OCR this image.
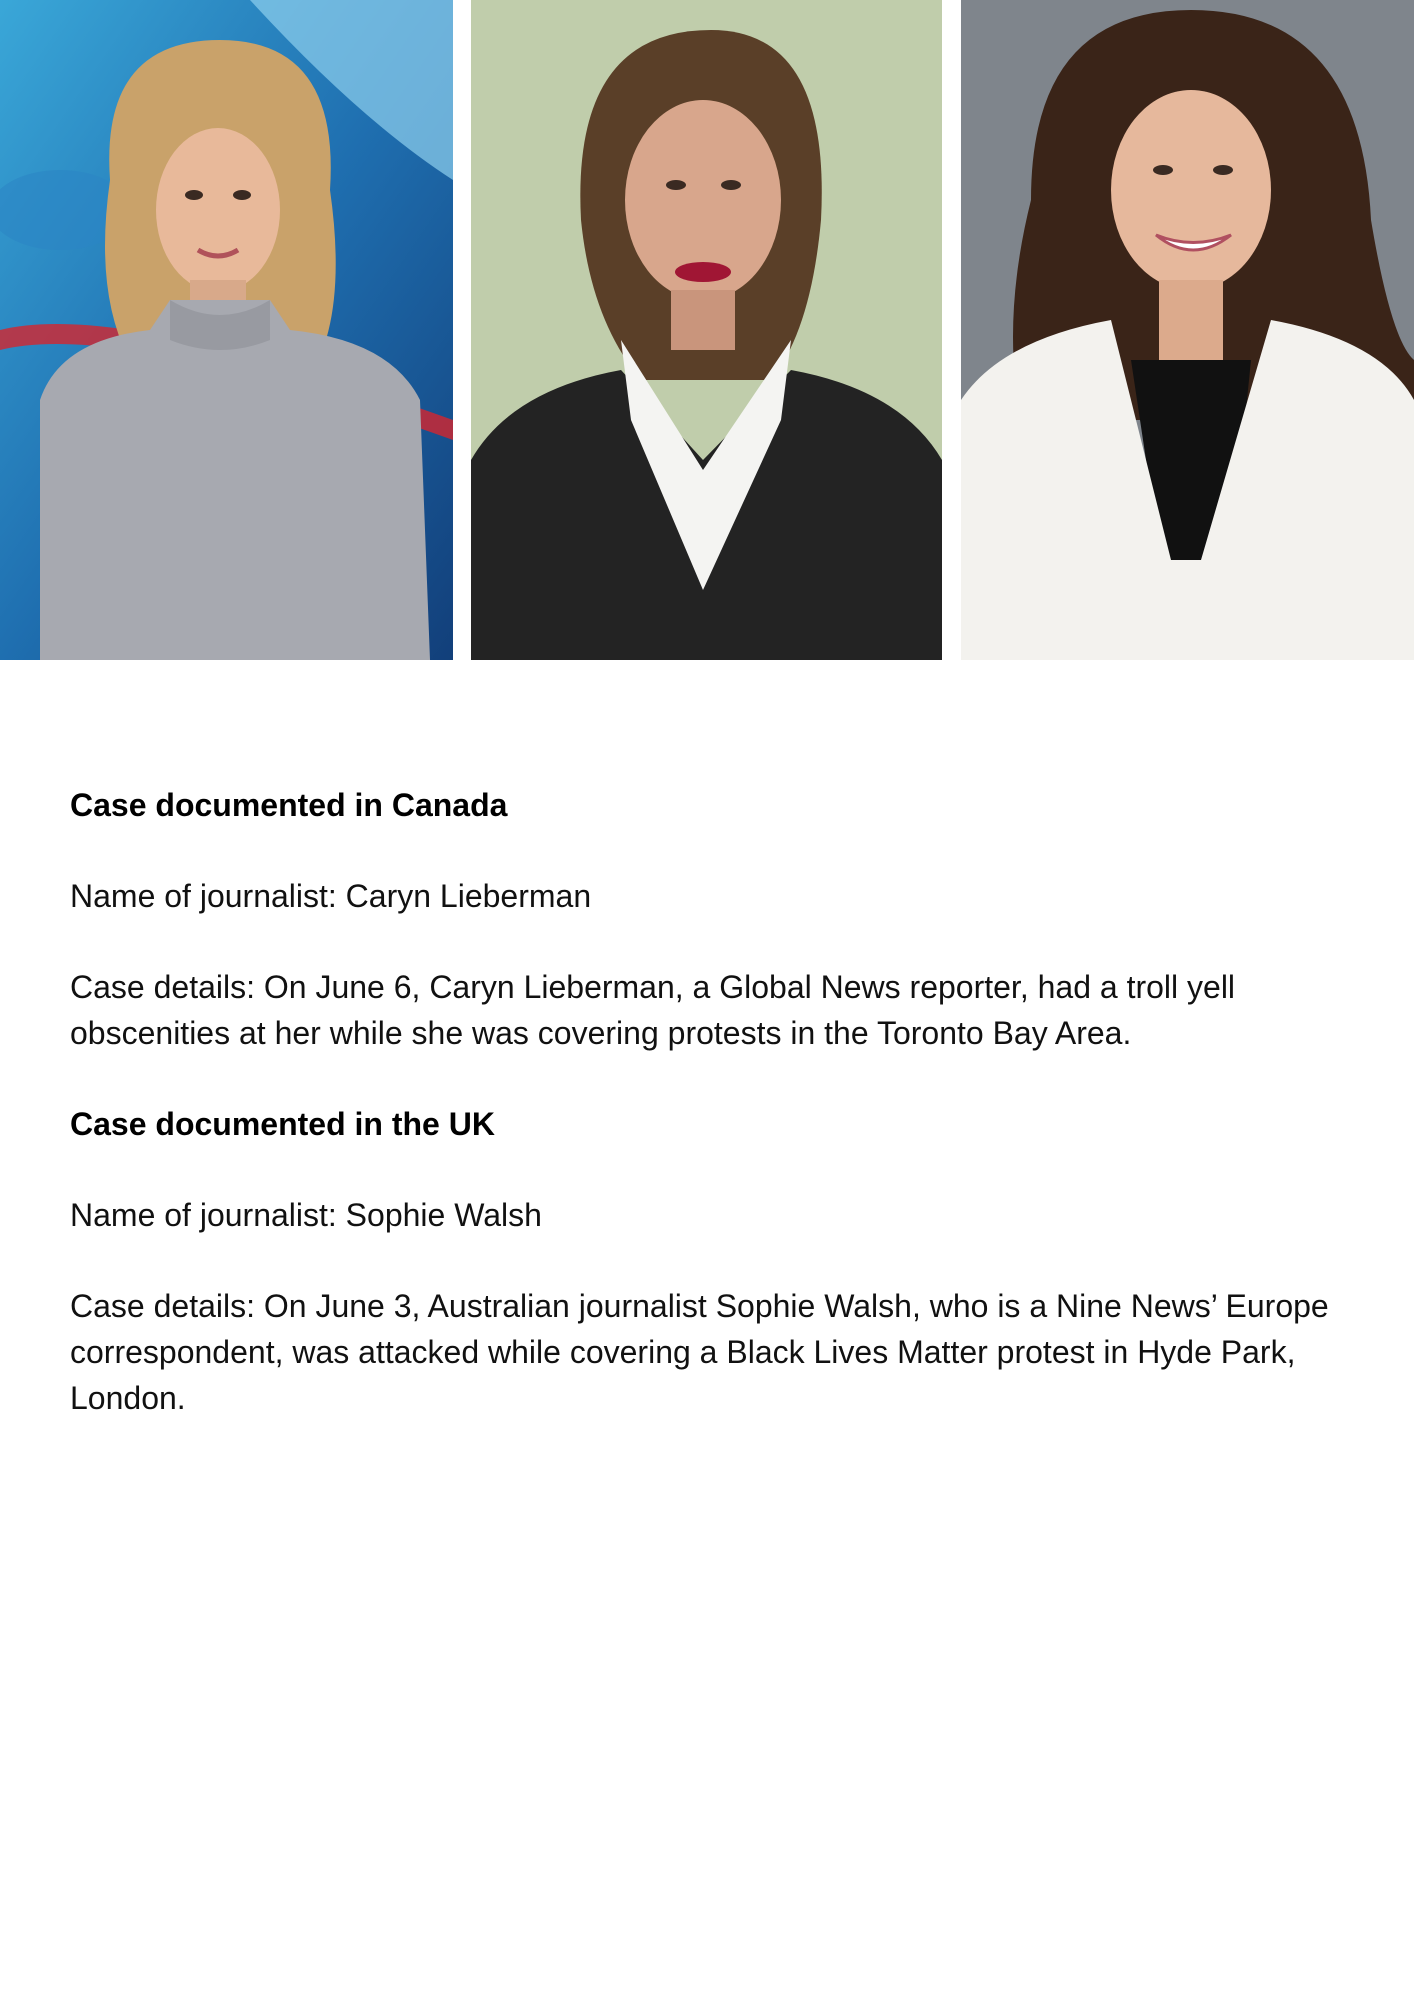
Case documented in Canada

Name of journalist: Caryn Lieberman

Case details: On June 6, Caryn Lieberman, a Global News reporter, had a troll yell obscenities at her while she was covering protests in the Toronto Bay Area.

Case documented in the UK

Name of journalist: Sophie Walsh

Case details: On June 3, Australian journalist Sophie Walsh, who is a Nine News’ Europe correspondent, was attacked while covering a Black Lives Matter protest in Hyde Park, London.
